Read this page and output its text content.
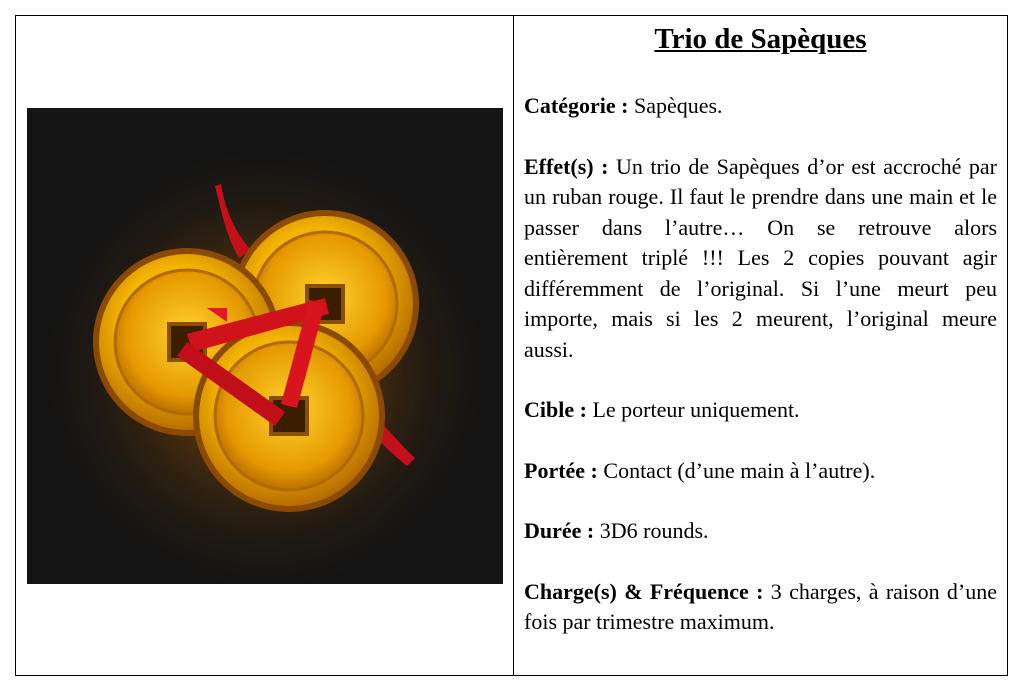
Trio de Sapèques

Catégorie : Sapèques.

Effet(s) : Un trio de Sapèques d’or est accroché par un ruban rouge. Il faut le prendre dans une main et le passer dans l’autre… On se retrouve alors entièrement triplé !!! Les 2 copies pouvant agir différemment de l’original. Si l’une meurt peu importe, mais si les 2 meurent, l’original meure aussi.

Cible : Le porteur uniquement.

Portée : Contact (d’une main à l’autre).

Durée : 3D6 rounds.

Charge(s) & Fréquence : 3 charges, à raison d’une fois par trimestre maximum.
